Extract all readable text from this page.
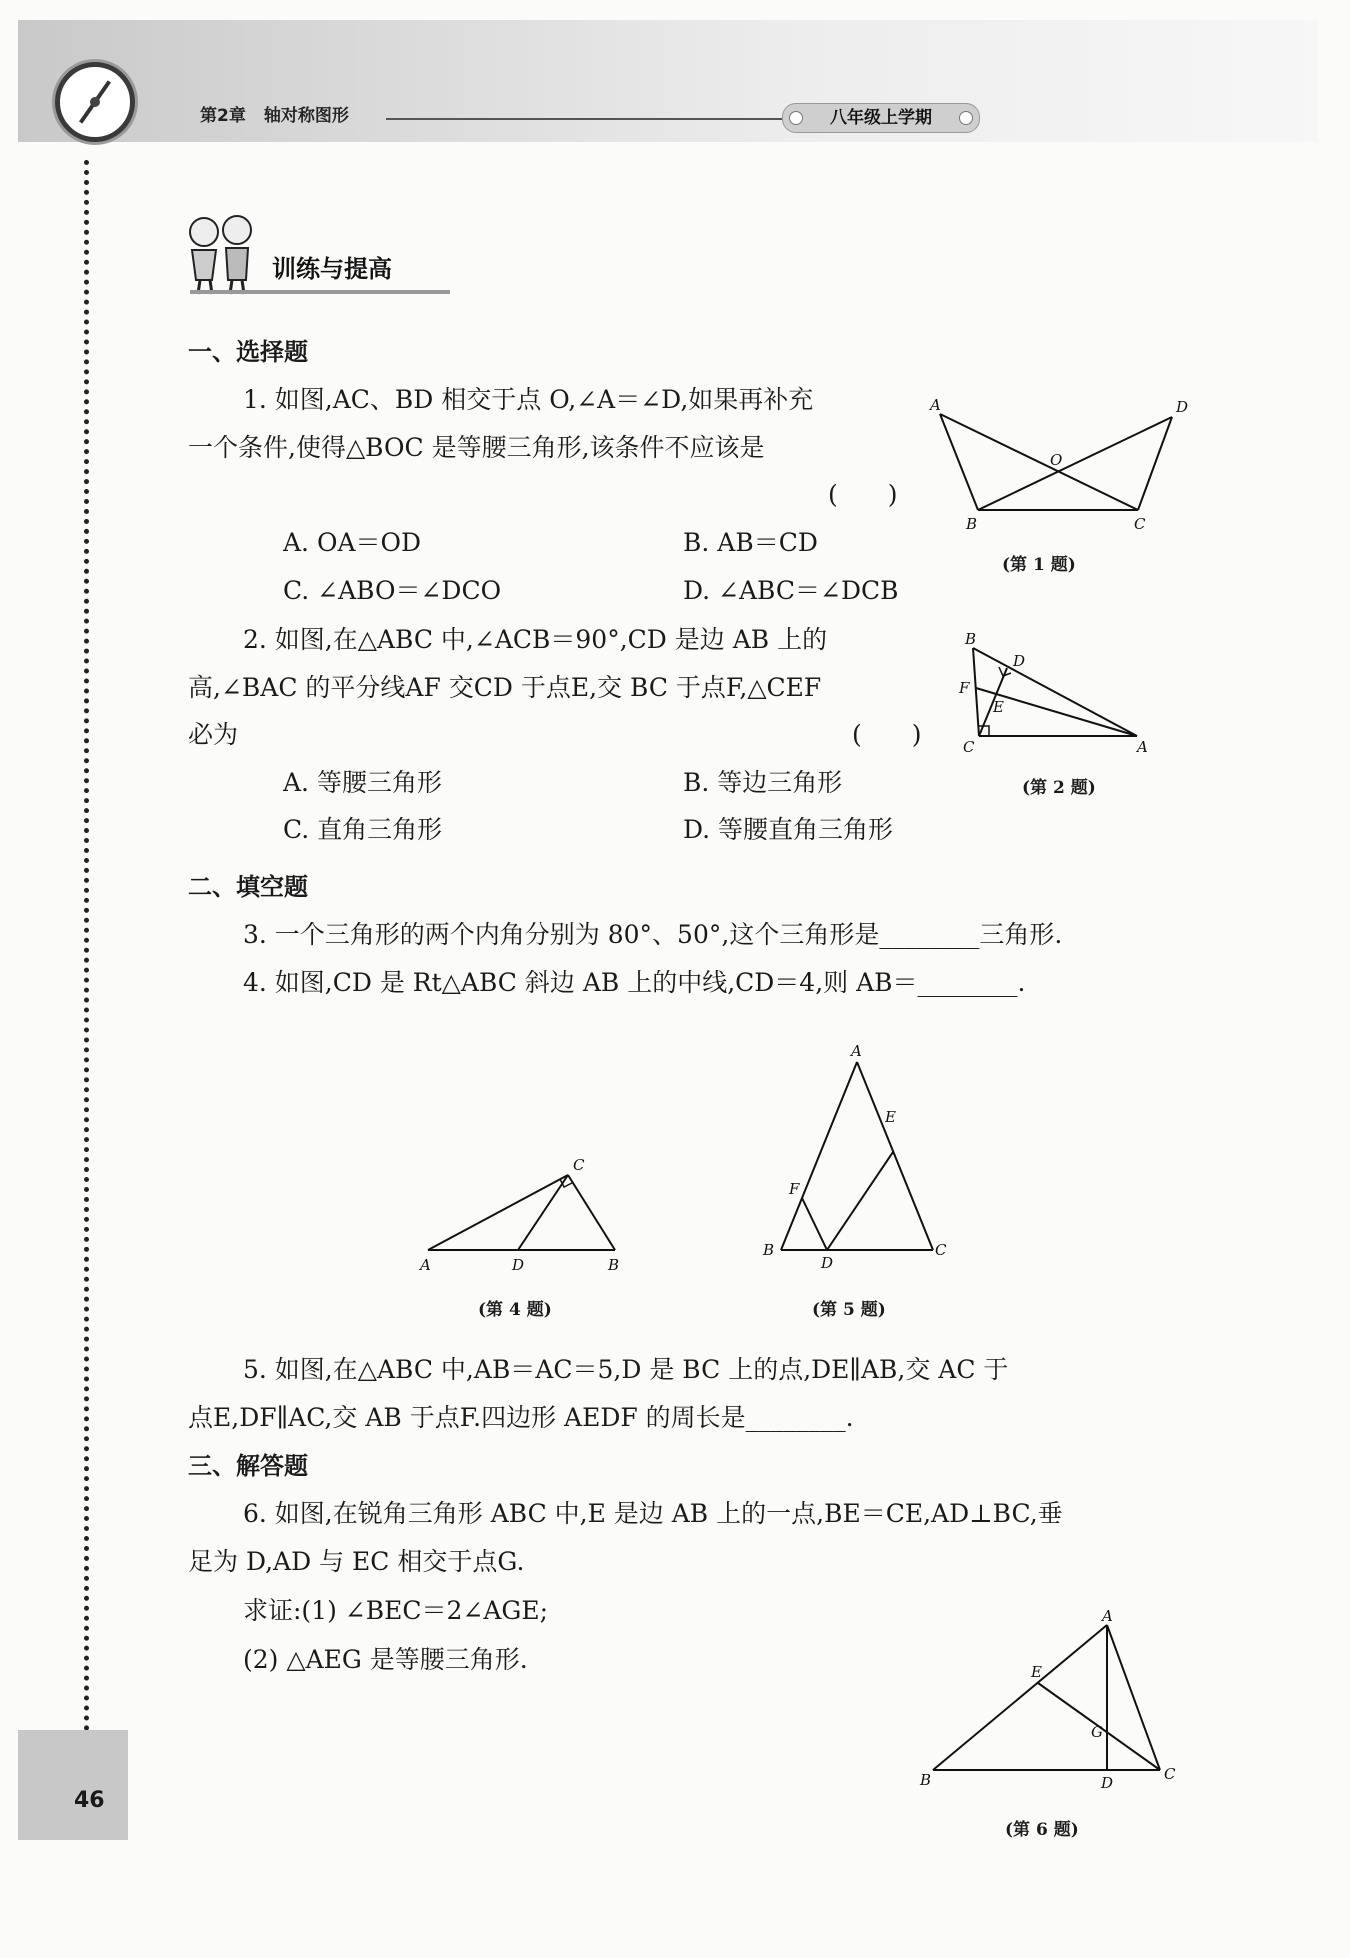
第2章 轴对称图形	八年级上学期
46
训练与提高
一、选择题
1. 如图,AC、BD 相交于点 O,∠A＝∠D,如果再补充
一个条件,使得△BOC 是等腰三角形,该条件不应该是
(　　)
A. OA＝OD	B. AB＝CD
C. ∠ABO＝∠DCO	D. ∠ABC＝∠DCB
A	D
O
B	C
(第 1 题)
2. 如图,在△ABC 中,∠ACB＝90°,CD 是边 AB 上的
高,∠BAC 的平分线AF 交CD 于点E,交 BC 于点F,△CEF
必为	(　　)
A. 等腰三角形	B. 等边三角形
C. 直角三角形	D. 等腰直角三角形
B
D
F
E
C	A
(第 2 题)
二、填空题
3. 一个三角形的两个内角分别为 80°、50°,这个三角形是________三角形.
4. 如图,CD 是 Rt△ABC 斜边 AB 上的中线,CD＝4,则 AB＝________.
C
A	D	B
(第 4 题)
A
E
F
B
D
C
(第 5 题)
5. 如图,在△ABC 中,AB＝AC＝5,D 是 BC 上的点,DE∥AB,交 AC 于
点E,DF∥AC,交 AB 于点F.四边形 AEDF 的周长是________.
三、解答题
6. 如图,在锐角三角形 ABC 中,E 是边 AB 上的一点,BE＝CE,AD⊥BC,垂
足为 D,AD 与 EC 相交于点G.
求证:(1) ∠BEC＝2∠AGE;
(2) △AEG 是等腰三角形.
A
E
G
B	D	C
(第 6 题)
